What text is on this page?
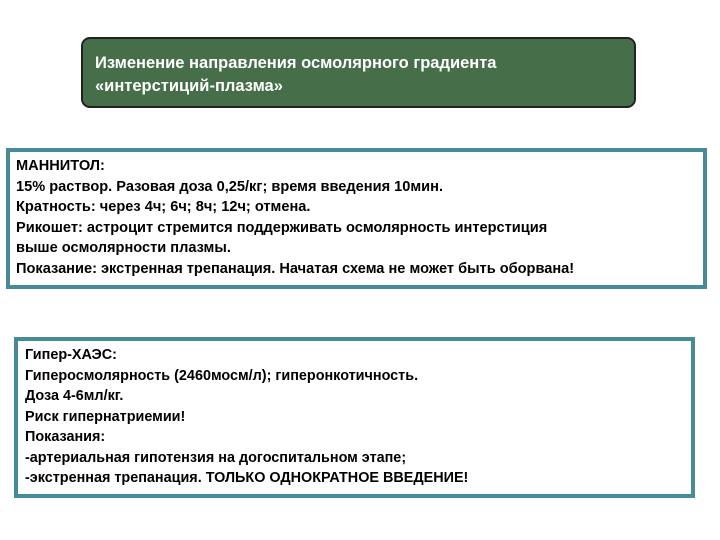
Изменение направления осмолярного градиента
«интерстиций-плазма»
МАННИТОЛ:
15% раствор. Разовая доза 0,25/кг; время введения 10мин.
Кратность: через 4ч; 6ч; 8ч; 12ч; отмена.
Рикошет: астроцит стремится поддерживать осмолярность интерстиция
выше осмолярности плазмы.
Показание: экстренная трепанация. Начатая схема не может быть оборвана!
Гипер-ХАЭС:
Гиперосмолярность (2460мосм/л); гиперонкотичность.
Доза 4-6мл/кг.
Риск гипернатриемии!
Показания:
-артериальная гипотензия на догоспитальном этапе;
-экстренная трепанация. ТОЛЬКО ОДНОКРАТНОЕ ВВЕДЕНИЕ!
